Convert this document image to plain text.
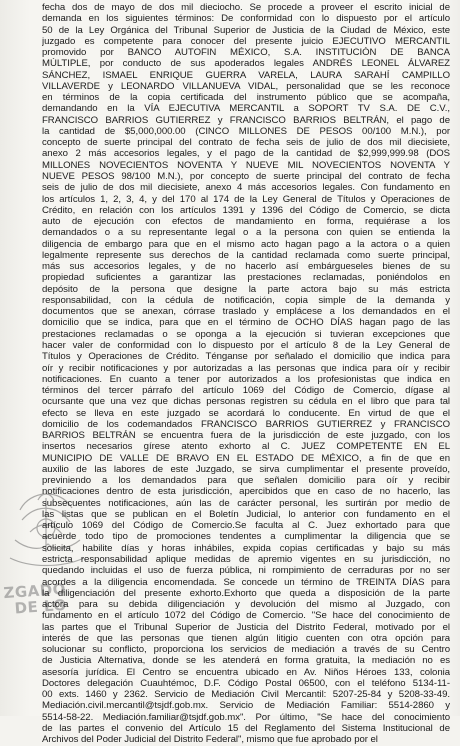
ZGADO
DE LO
fecha dos de mayo de dos mil dieciocho. Se procede a proveer el escrito inicial de
demanda en los siguientes términos: De conformidad con lo dispuesto por el artículo
50 de la Ley Orgánica del Tribunal Superior de Justicia de la Ciudad de México, este
juzgado es competente para conocer del presente juicio EJECUTIVO MERCANTIL
promovido por BANCO AUTOFIN MÉXICO, S.A. INSTITUCIÓN DE BANCA
MÚLTIPLE, por conducto de sus apoderados legales ANDRÉS LEONEL ÁLVAREZ
SÁNCHEZ, ISMAEL ENRIQUE GUERRA VARELA, LAURA SARAHÍ CAMPILLO
VILLAVERDE y LEONARDO VILLANUEVA VIDAL, personalidad que se les reconoce
en términos de la copia certificada del instrumento público que se acompaña,
demandando en la VÍA EJECUTIVA MERCANTIL a SOPORT TV S.A. DE C.V.,
FRANCISCO BARRIOS GUTIERREZ y FRANCISCO BARRIOS BELTRÁN, el pago de
la cantidad de $5,000,000.00 (CINCO MILLONES DE PESOS 00/100 M.N.), por
concepto de suerte principal del contrato de fecha seis de julio de dos mil diecisiete,
anexo 2 más accesorios legales, y el pago de la cantidad de $2,999,999.98 (DOS
MILLONES NOVECIENTOS NOVENTA Y NUEVE MIL NOVECIENTOS NOVENTA Y
NUEVE PESOS 98/100 M.N.), por concepto de suerte principal del contrato de fecha
seis de julio de dos mil diecisiete, anexo 4 más accesorios legales. Con fundamento en
los artículos 1, 2, 3, 4, y del 170 al 174 de la Ley General de Títulos y Operaciones de
Crédito, en relación con los artículos 1391 y 1396 del Código de Comercio, se dicta
auto de ejecución con efectos de mandamiento en forma, requiérase a los
demandados o a su representante legal o a la persona con quien se entienda la
diligencia de embargo para que en el mismo acto hagan pago a la actora o a quien
legalmente represente sus derechos de la cantidad reclamada como suerte principal,
más sus accesorios legales, y de no hacerlo así embárgueseles bienes de su
propiedad suficientes a garantizar las prestaciones reclamadas, poniéndolos en
depósito de la persona que designe la parte actora bajo su más estricta
responsabilidad, con la cédula de notificación, copia simple de la demanda y
documentos que se anexan, córrase traslado y emplácese a los demandados en el
domicilio que se indica, para que en el término de OCHO DÍAS hagan pago de las
prestaciones reclamadas o se oponga a la ejecución si tuvieran excepciones que
hacer valer de conformidad con lo dispuesto por el artículo 8 de la Ley General de
Títulos y Operaciones de Crédito. Ténganse por señalado el domicilio que indica para
oír y recibir notificaciones y por autorizadas a las personas que indica para oír y recibir
notificaciones. En cuanto a tener por autorizados a los profesionistas que indica en
términos del tercer párrafo del artículo 1069 del Código de Comercio, dígase al
ocursante que una vez que dichas personas registren su cédula en el libro que para tal
efecto se lleva en este juzgado se acordará lo conducente. En virtud de que el
domicilio de los codemandados FRANCISCO BARRIOS GUTIERREZ y FRANCISCO
BARRIOS BELTRÁN se encuentra fuera de la jurisdicción de este juzgado, con los
insertos necesarios gírese atento exhorto al C. JUEZ COMPETENTE EN EL
MUNICIPIO DE VALLE DE BRAVO EN EL ESTADO DE MÉXICO, a fin de que en
auxilio de las labores de este Juzgado, se sirva cumplimentar el presente proveído,
previniendo a los demandados para que señalen domicilio para oír y recibir
notificaciones dentro de esta jurisdicción, apercibidos que en caso de no hacerlo, las
subsecuentes notificaciones, aún las de carácter personal, les surtirán por medio de
las listas que se publican en el Boletín Judicial, lo anterior con fundamento en el
artículo 1069 del Código de Comercio.Se faculta al C. Juez exhortado para que
acuerde todo tipo de promociones tendentes a cumplimentar la diligencia que se
solicita, habilite días y horas inhábiles, expida copias certificadas y bajo su más
estricta responsabilidad aplique medidas de apremio vigentes en su jurisdicción, no
quedando incluidas el uso de fuerza pública, ni rompimiento de cerraduras por no ser
acordes a la diligencia encomendada. Se concede un término de TREINTA DÍAS para
la diligenciación del presente exhorto.Exhorto que queda a disposición de la parte
actora para su debida diligenciación y devolución del mismo al Juzgado, con
fundamento en el artículo 1072 del Código de Comercio. "Se hace del conocimiento de
las partes que el Tribunal Superior de Justicia del Distrito Federal, motivado por el
interés de que las personas que tienen algún litigio cuenten con otra opción para
solucionar su conflicto, proporciona los servicios de mediación a través de su Centro
de Justicia Alternativa, donde se les atenderá en forma gratuita, la mediación no es
asesoría jurídica. El Centro se encuentra ubicado en Av. Niños Héroes 133, colonia
Doctores delegación Cuauhtémoc, D.F. Código Postal 06500, con el teléfono 5134-11-
00 exts. 1460 y 2362. Servicio de Mediación Civil Mercantil: 5207-25-84 y 5208-33-49.
Mediación.civil.mercantil@tsjdf.gob.mx. Servicio de Mediación Familiar: 5514-2860 y
5514-58-22. Mediación.familiar@tsjdf.gob.mx". Por último, "Se hace del conocimiento
de las partes el convenio del Artículo 15 del Reglamento del Sistema Institucional de
Archivos del Poder Judicial del Distrito Federal", mismo que fue aprobado por el
